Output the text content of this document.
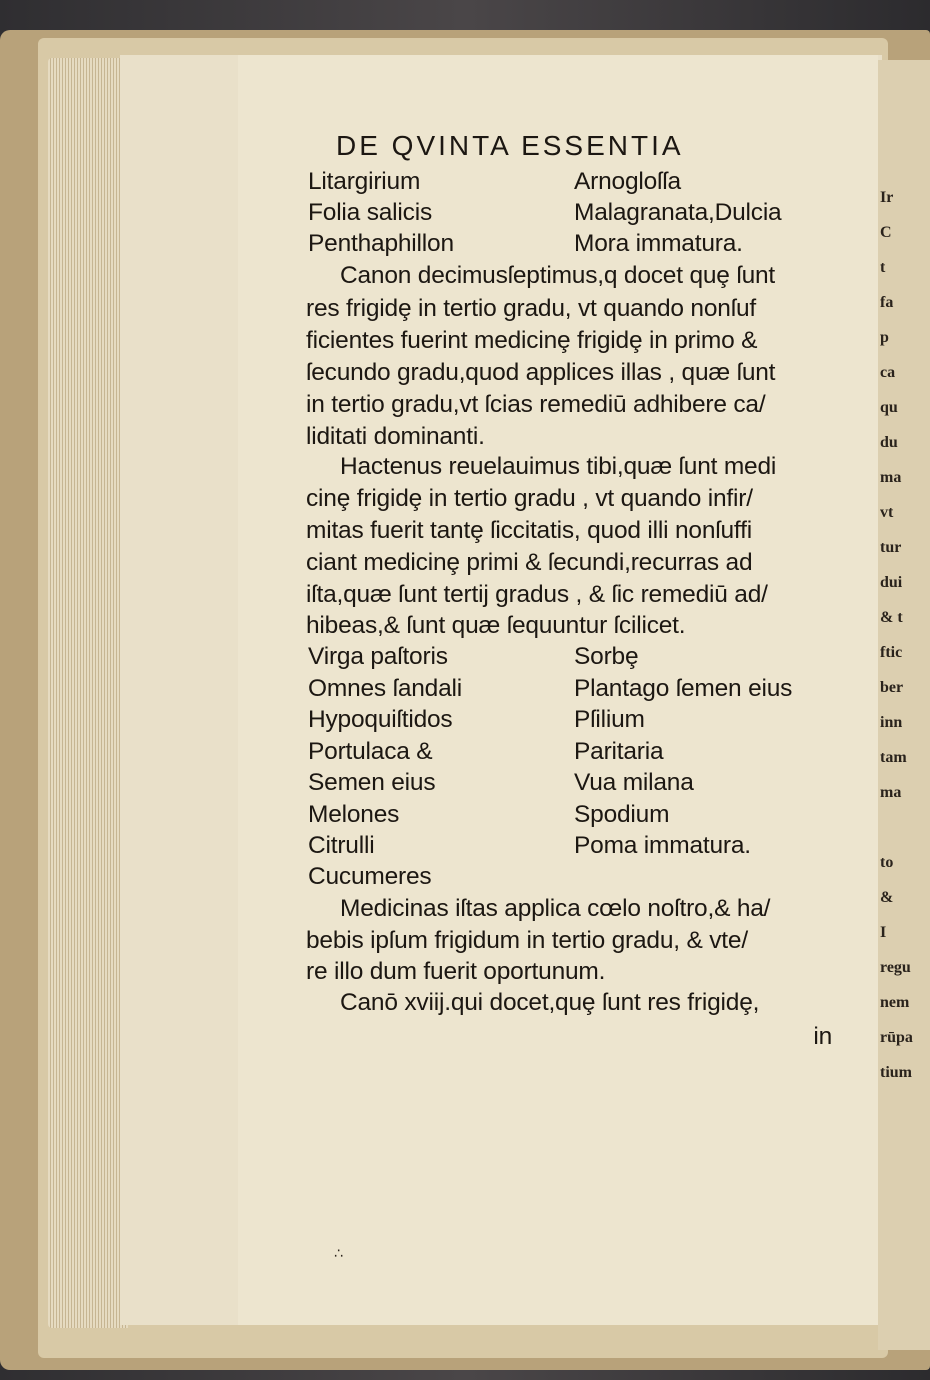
Ir
C
t
fa
p
ca
qu
du
ma
vt
tur
dui
& t
ftic
ber
inn
tam
ma

to
&
I
regu
nem
rūpa
tium
DE QVINTA ESSENTIA
Litargirium
Folia salicis
Penthaphillon
Arnogloſſa
Malagranata,Dulcia
Mora immatura.
Canon decimusſeptimus,q docet quȩ ſunt
res frigidȩ in tertio gradu, vt quando nonſuf
ficientes fuerint medicinȩ frigidȩ in primo &
ſecundo gradu,quod applices illas , quæ ſunt
in tertio gradu,vt ſcias remediū adhibere ca/
liditati dominanti.
Hactenus reuelauimus tibi,quæ ſunt medi
cinȩ frigidȩ in tertio gradu , vt quando infir/
mitas fuerit tantȩ ſiccitatis, quod illi nonſuffi
ciant medicinȩ primi & ſecundi,recurras ad
iſta,quæ ſunt tertij gradus , & ſic remediū ad/
hibeas,& ſunt quæ ſequuntur ſcilicet.
Virga paſtoris
Omnes ſandali
Hypoquiſtidos
Portulaca &
Semen eius
Melones
Citrulli
Cucumeres
Sorbȩ
Plantago ſemen eius
Pſilium
Paritaria
Vua milana
Spodium
Poma immatura.
Medicinas iſtas applica cœlo noſtro,& ha/
bebis ipſum frigidum in tertio gradu, & vte/
re illo dum fuerit oportunum.
Canō xviij.qui docet,quȩ ſunt res frigidȩ,
in
∴
